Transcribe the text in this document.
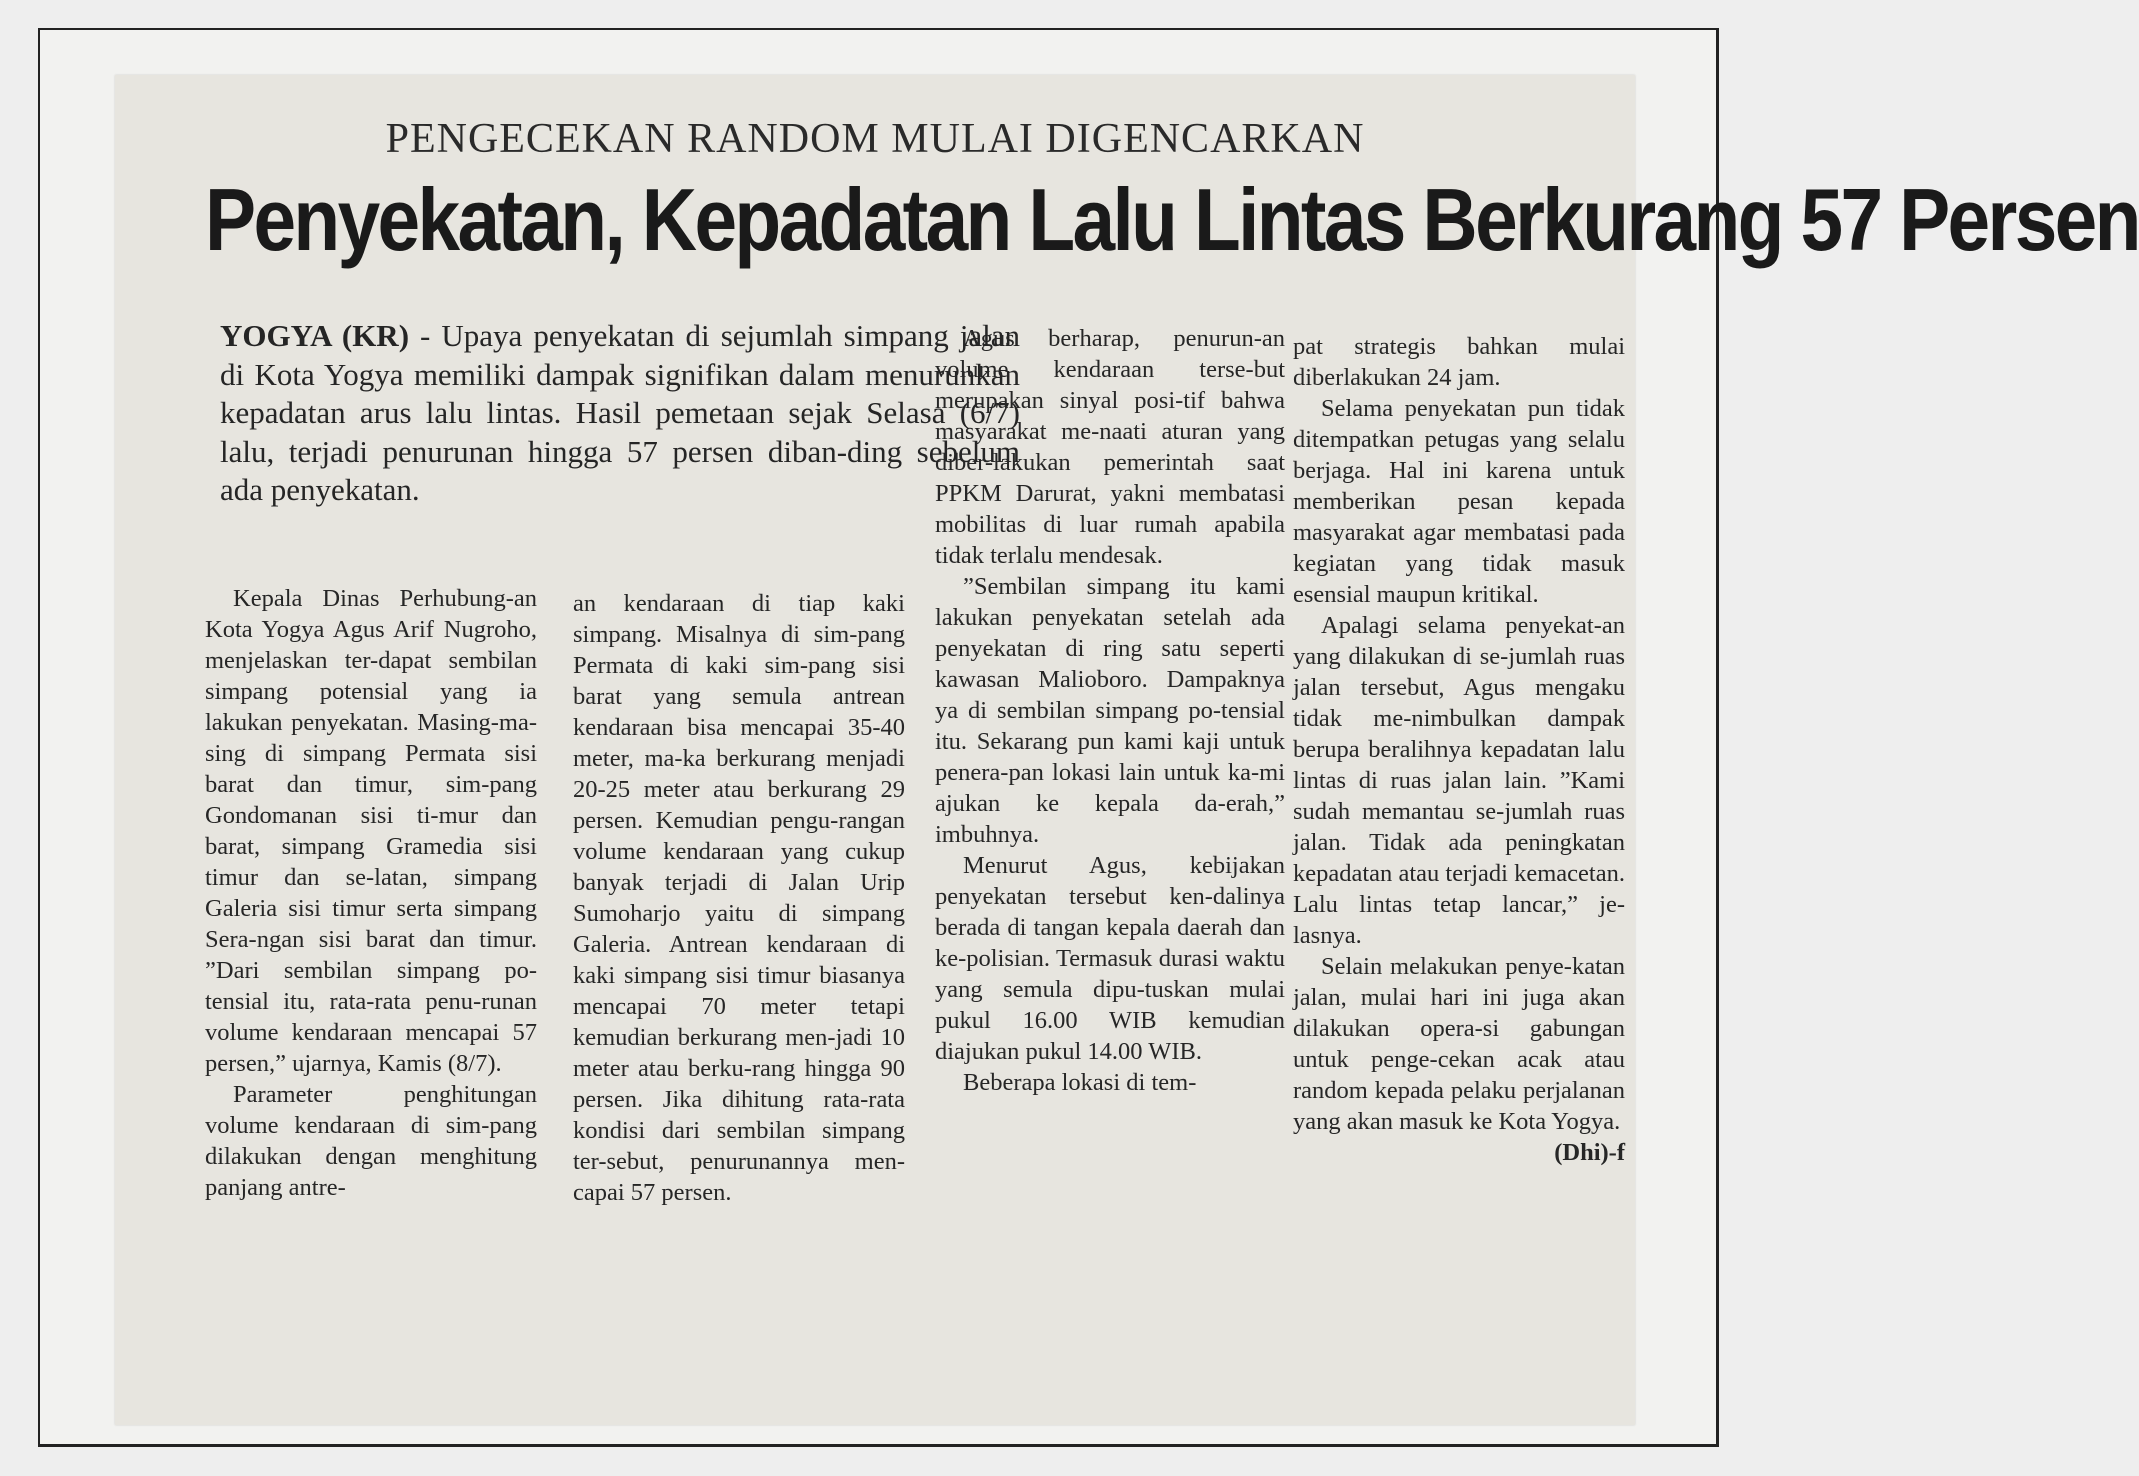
PENGECEKAN RANDOM MULAI DIGENCARKAN
Penyekatan, Kepadatan Lalu Lintas Berkurang 57 Persen
YOGYA (KR) - Upaya penyekatan di sejumlah simpang jalan di Kota Yogya memiliki dampak signifikan dalam menurunkan kepadatan arus lalu lintas. Hasil pemetaan sejak Selasa (6/7) lalu, terjadi penurunan hingga 57 persen diban-ding sebelum ada penyekatan.

Kepala Dinas Perhubung-an Kota Yogya Agus Arif Nugroho, menjelaskan ter-dapat sembilan simpang potensial yang ia lakukan penyekatan. Masing-ma-sing di simpang Permata sisi barat dan timur, sim-pang Gondomanan sisi ti-mur dan barat, simpang Gramedia sisi timur dan se-latan, simpang Galeria sisi timur serta simpang Sera-ngan sisi barat dan timur. ”Dari sembilan simpang po-tensial itu, rata-rata penu-runan volume kendaraan mencapai 57 persen,” ujarnya, Kamis (8/7).

Parameter penghitungan volume kendaraan di sim-pang dilakukan dengan menghitung panjang antre-

an kendaraan di tiap kaki simpang. Misalnya di sim-pang Permata di kaki sim-pang sisi barat yang semula antrean kendaraan bisa mencapai 35-40 meter, ma-ka berkurang menjadi 20-25 meter atau berkurang 29 persen. Kemudian pengu-rangan volume kendaraan yang cukup banyak terjadi di Jalan Urip Sumoharjo yaitu di simpang Galeria. Antrean kendaraan di kaki simpang sisi timur biasanya mencapai 70 meter tetapi kemudian berkurang men-jadi 10 meter atau berku-rang hingga 90 persen. Jika dihitung rata-rata kondisi dari sembilan simpang ter-sebut, penurunannya men-capai 57 persen.

Agus berharap, penurun-an volume kendaraan terse-but merupakan sinyal posi-tif bahwa masyarakat me-naati aturan yang diber-lakukan pemerintah saat PPKM Darurat, yakni membatasi mobilitas di luar rumah apabila tidak terlalu mendesak.

”Sembilan simpang itu kami lakukan penyekatan setelah ada penyekatan di ring satu seperti kawasan Malioboro. Dampaknya ya di sembilan simpang po-tensial itu. Sekarang pun kami kaji untuk penera-pan lokasi lain untuk ka-mi ajukan ke kepala da-erah,” imbuhnya.

Menurut Agus, kebijakan penyekatan tersebut ken-dalinya berada di tangan kepala daerah dan ke-polisian. Termasuk durasi waktu yang semula dipu-tuskan mulai pukul 16.00 WIB kemudian diajukan pukul 14.00 WIB.

Beberapa lokasi di tem-

pat strategis bahkan mulai diberlakukan 24 jam.

Selama penyekatan pun tidak ditempatkan petugas yang selalu berjaga. Hal ini karena untuk memberikan pesan kepada masyarakat agar membatasi pada kegiatan yang tidak masuk esensial maupun kritikal.

Apalagi selama penyekat-an yang dilakukan di se-jumlah ruas jalan tersebut, Agus mengaku tidak me-nimbulkan dampak berupa beralihnya kepadatan lalu lintas di ruas jalan lain. ”Kami sudah memantau se-jumlah ruas jalan. Tidak ada peningkatan kepadatan atau terjadi kemacetan. Lalu lintas tetap lancar,” je-lasnya.

Selain melakukan penye-katan jalan, mulai hari ini juga akan dilakukan opera-si gabungan untuk penge-cekan acak atau random kepada pelaku perjalanan yang akan masuk ke Kota Yogya.
(Dhi)-f
